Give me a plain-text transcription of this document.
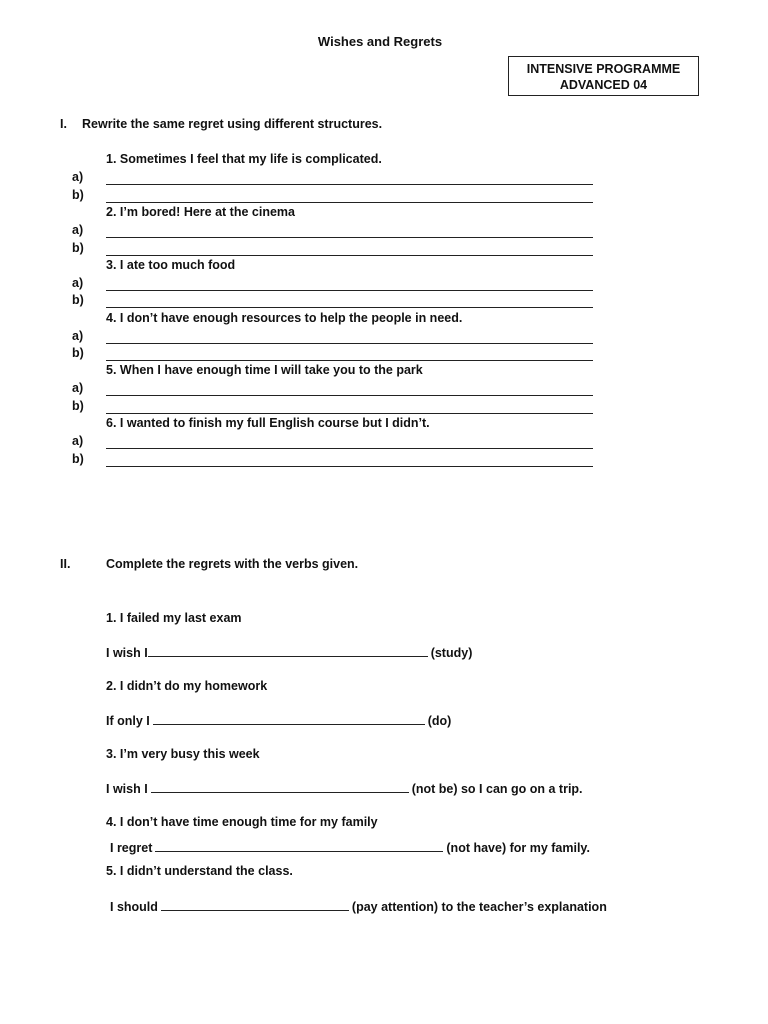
Wishes and Regrets
INTENSIVE PROGRAMME
ADVANCED 04
I. Rewrite the same regret using different structures.
1. Sometimes I feel that my life is complicated.
a)
b)
2. I’m bored! Here at the cinema
a)
b)
3. I ate too much food
a)
b)
4. I don’t have enough resources to help the people in need.
a)
b)
5. When I have enough time I will take you to the park
a)
b)
6. I wanted to finish my full English course but I didn’t.
a)
b)
II.	Complete the regrets with the verbs given.
1. I failed my last exam
I wish I	(study)
2. I didn’t do my homework
If only I	(do)
3. I’m very busy this week
I wish I	(not be) so I can go on a trip.
4. I don’t have time enough time for my family
I regret	(not have) for my family.
5. I didn’t understand the class.
I should	(pay attention) to the teacher’s explanation
